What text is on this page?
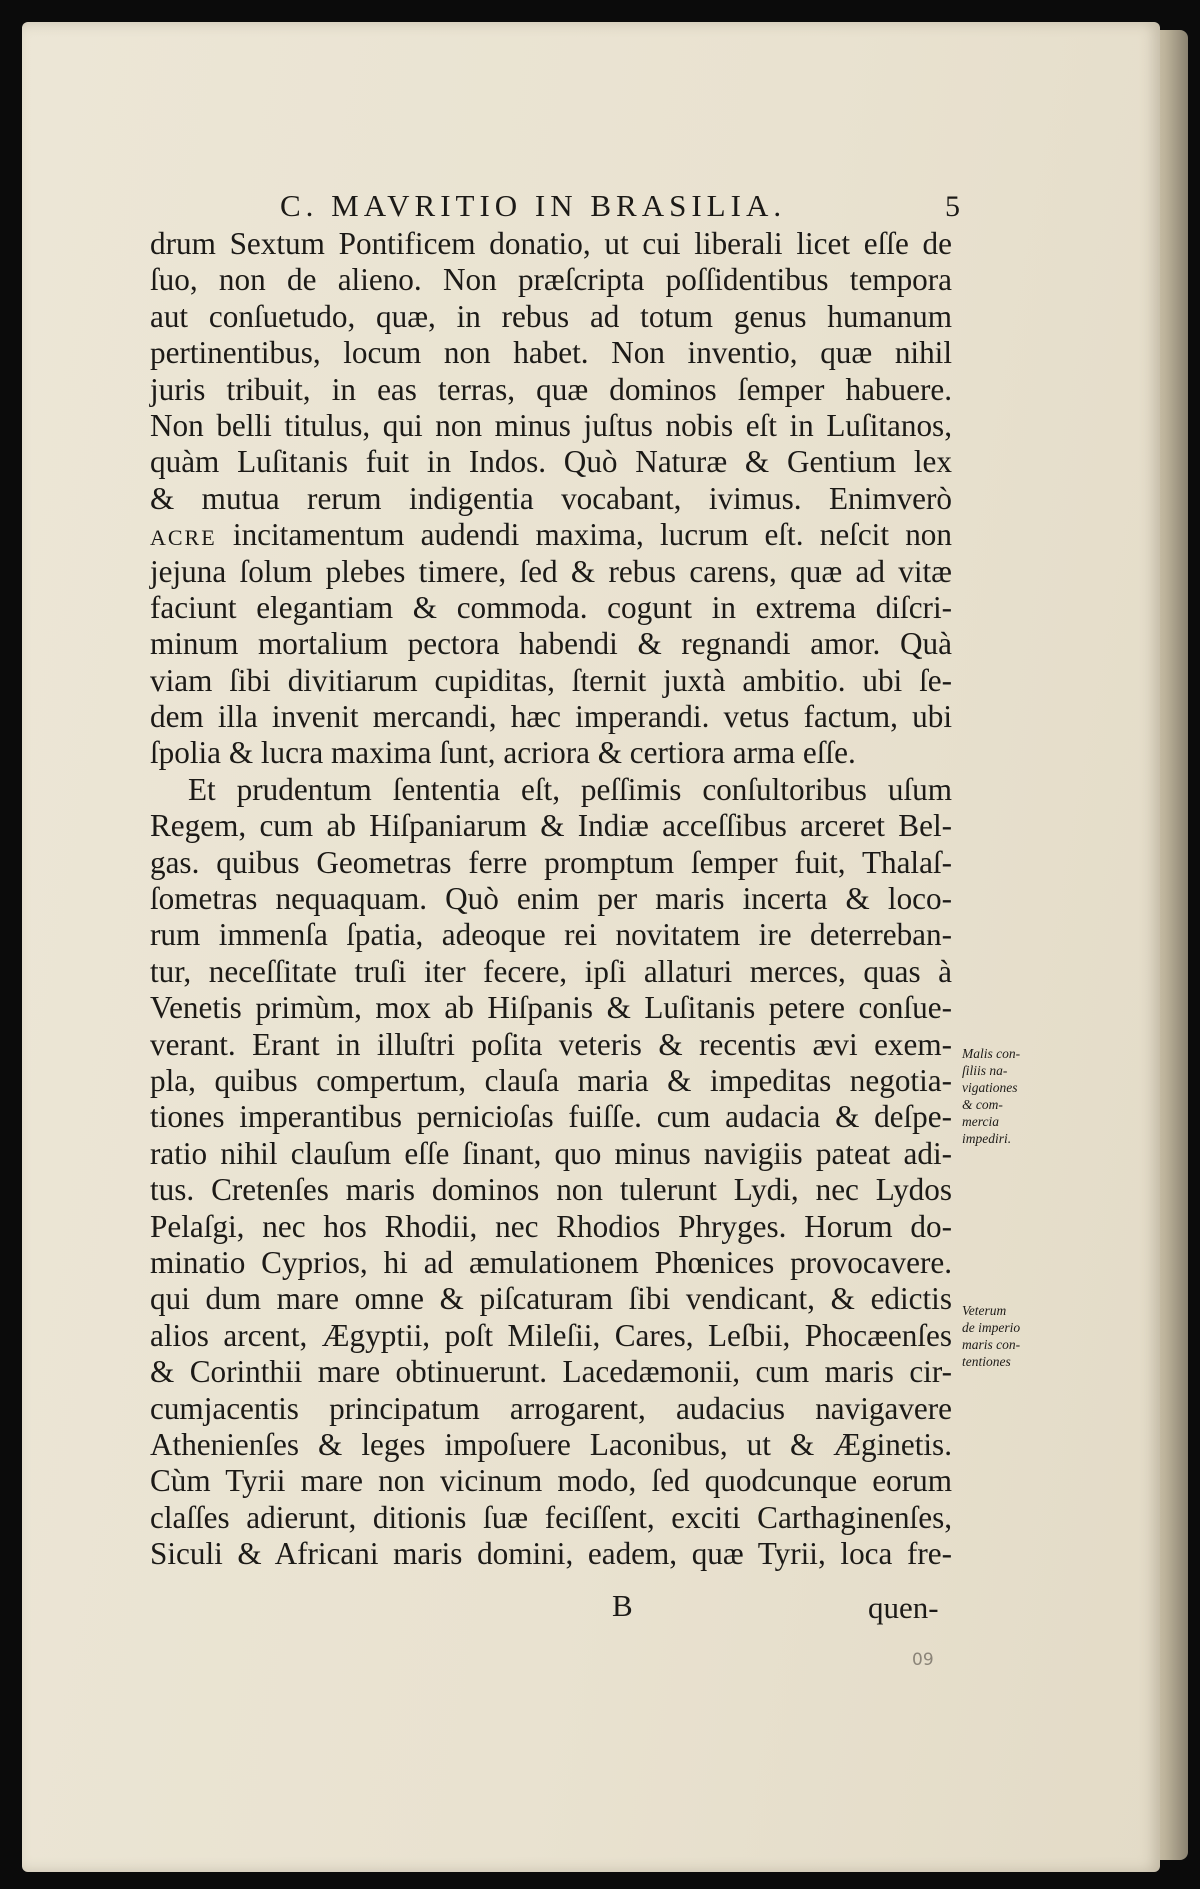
C. MAVRITIO IN BRASILIA.	5
drum Sextum Pontificem donatio, ut cui liberali licet eſſe de
ſuo, non de alieno. Non præſcripta poſſidentibus tempora
aut conſuetudo, quæ, in rebus ad totum genus humanum
pertinentibus, locum non habet. Non inventio, quæ nihil
juris tribuit, in eas terras, quæ dominos ſemper habuere.
Non belli titulus, qui non minus juſtus nobis eſt in Luſitanos,
quàm Luſitanis fuit in Indos. Quò Naturæ & Gentium lex
& mutua rerum indigentia vocabant, ivimus. Enimverò
ACRE incitamentum audendi maxima, lucrum eſt. neſcit non
jejuna ſolum plebes timere, ſed & rebus carens, quæ ad vitæ
faciunt elegantiam & commoda. cogunt in extrema diſcri-
minum mortalium pectora habendi & regnandi amor. Quà
viam ſibi divitiarum cupiditas, ſternit juxtà ambitio. ubi ſe-
dem illa invenit mercandi, hæc imperandi. vetus factum, ubi
ſpolia & lucra maxima ſunt, acriora & certiora arma eſſe.
Et prudentum ſententia eſt, peſſimis conſultoribus uſum
Regem, cum ab Hiſpaniarum & Indiæ acceſſibus arceret Bel-
gas. quibus Geometras ferre promptum ſemper fuit, Thalaſ-
ſometras nequaquam. Quò enim per maris incerta & loco-
rum immenſa ſpatia, adeoque rei novitatem ire deterreban-
tur, neceſſitate truſi iter fecere, ipſi allaturi merces, quas à
Venetis primùm, mox ab Hiſpanis & Luſitanis petere conſue-
verant. Erant in illuſtri poſita veteris & recentis ævi exem-
pla, quibus compertum, clauſa maria & impeditas negotia-
tiones imperantibus pernicioſas fuiſſe. cum audacia & deſpe-
ratio nihil clauſum eſſe ſinant, quo minus navigiis pateat adi-
tus. Cretenſes maris dominos non tulerunt Lydi, nec Lydos
Pelaſgi, nec hos Rhodii, nec Rhodios Phryges. Horum do-
minatio Cyprios, hi ad æmulationem Phœnices provocavere.
qui dum mare omne & piſcaturam ſibi vendicant, & edictis
alios arcent, Ægyptii, poſt Mileſii, Cares, Leſbii, Phocæenſes
& Corinthii mare obtinuerunt. Lacedæmonii, cum maris cir-
cumjacentis principatum arrogarent, audacius navigavere
Athenienſes & leges impoſuere Laconibus, ut & Æginetis.
Cùm Tyrii mare non vicinum modo, ſed quodcunque eorum
claſſes adierunt, ditionis ſuæ feciſſent, exciti Carthaginenſes,
Siculi & Africani maris domini, eadem, quæ Tyrii, loca fre-
Malis con-
ſiliis na-
vigationes
& com-
mercia
impediri.
Veterum
de imperio
maris con-
tentiones
B	quen-
09
